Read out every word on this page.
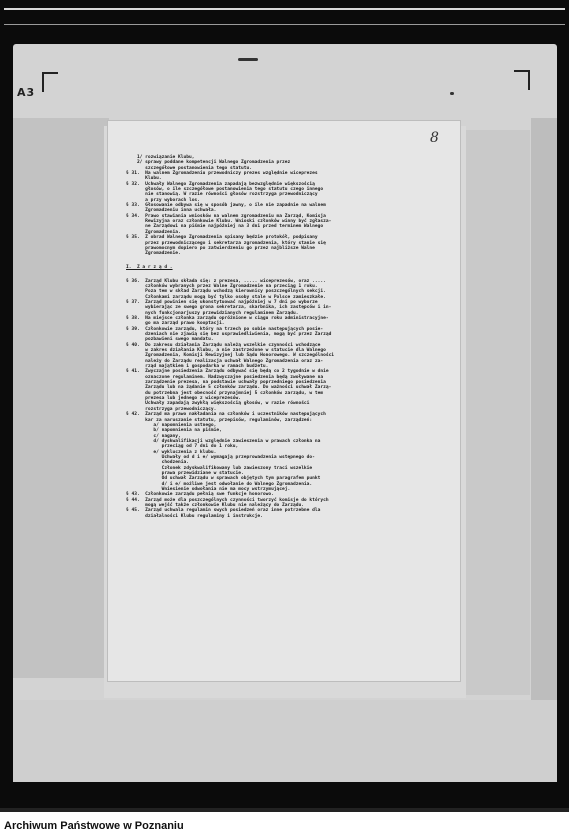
A3
8
1/ rozwiązanie Klubu,
2/ sprawy poddane kompetencji Walnego Zgromadzenia przez
szczegółowe postanowienia tego statutu.
§ 31.  Na walnem Zgromadzeniu przewodniczy prezes względnie wiceprezes
Klubu.
§ 32.  Uchwały Walnego Zgromadzenia zapadają bezwzględnie większością
głosów, o ile szczegółowe postanowienia tego statutu czego innego
nie stanowią. W razie równości głosów rozstrzyga przewodniczący
a przy wyborach los.
§ 33.  Głosowanie odbywa się w sposób jawny, o ile nie zapadnie na walnem
Zgromadzeniu inna uchwała.
§ 34.  Prawo stawiania wniosków na walnem zgromadzeniu ma Zarząd, Komisja
Rewizyjna oraz członkowie Klubu. Wnioski członków winny być zgłasza-
ne Zarządowi na piśmie najpóźniej na 3 dni przed terminem Walnego
Zgromadzenia.
§ 35.  Z obrad Walnego Zgromadzenia spisany będzie protokół, podpisany
przez przewodniczącego i sekretarza zgromadzenia, który stanie się
prawomocnym dopiero po zatwierdzeniu go przez najbliższe Walne
Zgromadzenie.

I.  Z a r z ą d .

§ 36.  Zarząd Klubu składa się: z prezesa, ..... wiceprezesów, oraz .....
członków wybranych przez Walne Zgromadzenie na przeciąg 1 roku.
Poza tem w skład Zarządu wchodzą kierownicy poszczególnych sekcji.
Członkami zarządu mogą być tylko osoby stale w Polsce zamieszkałe.
§ 37.  Zarząd powinien się ukonstytuować najpóźniej w 7 dni po wyborze
wybierając ze swego grona sekretarza, skarbnika, ich zastępców i in-
nych funkcjonarjuszy przewidzianych regulaminem Zarządu.
§ 38.  Na miejsce członka zarządu opróżnione w ciągu roku administracyjne-
go ma zarząd prawo kooptacji.
§ 39.  Członkowie zarządu, który na trzech po sobie następujących posie-
dzeniach nie zjawią się bez usprawiedliwienia, mogą być przez Zarząd
pozbawieni swego mandatu.
§ 40.  Do zakresu działania Zarządu należą wszelkie czynności wchodzące
w zakres działania Klubu, a nie zastrzeżone w statucie dla Walnego
Zgromadzenia, Komisji Rewizyjnej lub Sądu Honorowego. W szczególności
należy do Zarządu realizacja uchwał Walnego Zgromadzenia oraz za-
rząd majątkiem i gospodarka w ramach budżetu.
§ 41.  Zwyczajne posiedzenia Zarządu odbywać się będą co 2 tygodnie w dnie
oznaczone regulaminem. Nadzwyczajne posiedzenia będą zwoływane na
zarządzenie prezesa, na podstawie uchwały poprzedniego posiedzenia
Zarządu lub na żądanie 5 członków zarządu. Do ważności uchwał Zarzą-
du potrzebna jest obecność przynajmniej 5 członków zarządu, w tem
prezesa lub jednego z wiceprezesów.
Uchwały zapadają zwykłą większością głosów, w razie równości
rozstrzyga przewodniczący.
§ 42.  Zarząd ma prawo nakładania na członków i uczestników następujących
kar za naruszanie statutu, przepisów, regulaminów, zarządzeń:
a/ napomnienia ustnego,
b/ napomnienia na piśmie,
c/ nagany,
d/ dyskwalifikacji względnie zawieszenia w prawach członka na
przeciąg od 7 dni do 1 roku,
e/ wykluczenia z klubu.
Uchwały od d i e/ wymagają przeprowadzenia wstępnego do-
chodzenia.
Członek zdyskwalifikowany lub zawieszony traci wszelkie
prawa przewidziane w statucie.
Od uchwał Zarządu w sprawach objętych tym paragrafem punkt
d/ i e/ możliwe jest odwołanie do Walnego Zgromadzenia.
Wniesienie odwołania nie ma mocy wstrzymującej.
§ 43.  Członkowie zarządu pełnią swe funkcje honorowo.
§ 44.  Zarząd może dla poszczególnych czynności tworzyć komisje do których
mogą wejść także członkowie Klubu nie należący do Zarządu.
§ 45.  Zarząd uchwala regulamin swych posiedzeń oraz inne potrzebne dla
działalności Klubu regulaminy i instrukcje.
Archiwum Państwowe w Poznaniu
